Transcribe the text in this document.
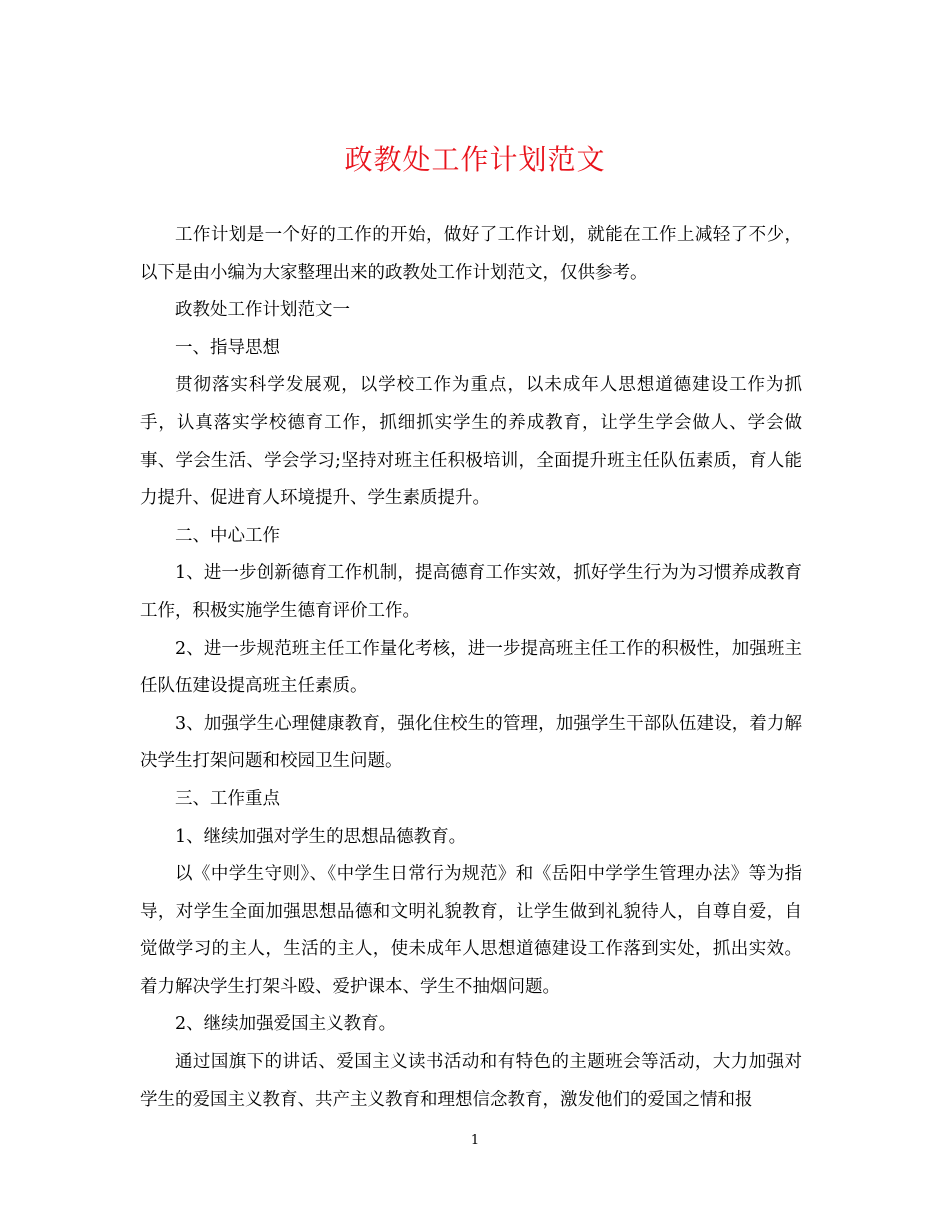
政教处工作计划范文

工作计划是一个好的工作的开始，做好了工作计划，就能在工作上减轻了不少，以下是由小编为大家整理出来的政教处工作计划范文，仅供参考。

政教处工作计划范文一

一、指导思想

贯彻落实科学发展观，以学校工作为重点，以未成年人思想道德建设工作为抓手，认真落实学校德育工作，抓细抓实学生的养成教育，让学生学会做人、学会做事、学会生活、学会学习;坚持对班主任积极培训，全面提升班主任队伍素质，育人能力提升、促进育人环境提升、学生素质提升。

二、中心工作

1、进一步创新德育工作机制，提高德育工作实效，抓好学生行为为习惯养成教育工作，积极实施学生德育评价工作。

2、进一步规范班主任工作量化考核，进一步提高班主任工作的积极性，加强班主任队伍建设提高班主任素质。

3、加强学生心理健康教育，强化住校生的管理，加强学生干部队伍建设，着力解决学生打架问题和校园卫生问题。

三、工作重点

1、继续加强对学生的思想品德教育。

以《中学生守则》、《中学生日常行为规范》和《岳阳中学学生管理办法》等为指导，对学生全面加强思想品德和文明礼貌教育，让学生做到礼貌待人，自尊自爱，自觉做学习的主人，生活的主人，使未成年人思想道德建设工作落到实处，抓出实效。着力解决学生打架斗殴、爱护课本、学生不抽烟问题。

2、继续加强爱国主义教育。

通过国旗下的讲话、爱国主义读书活动和有特色的主题班会等活动，大力加强对学生的爱国主义教育、共产主义教育和理想信念教育，激发他们的爱国之情和报

1
